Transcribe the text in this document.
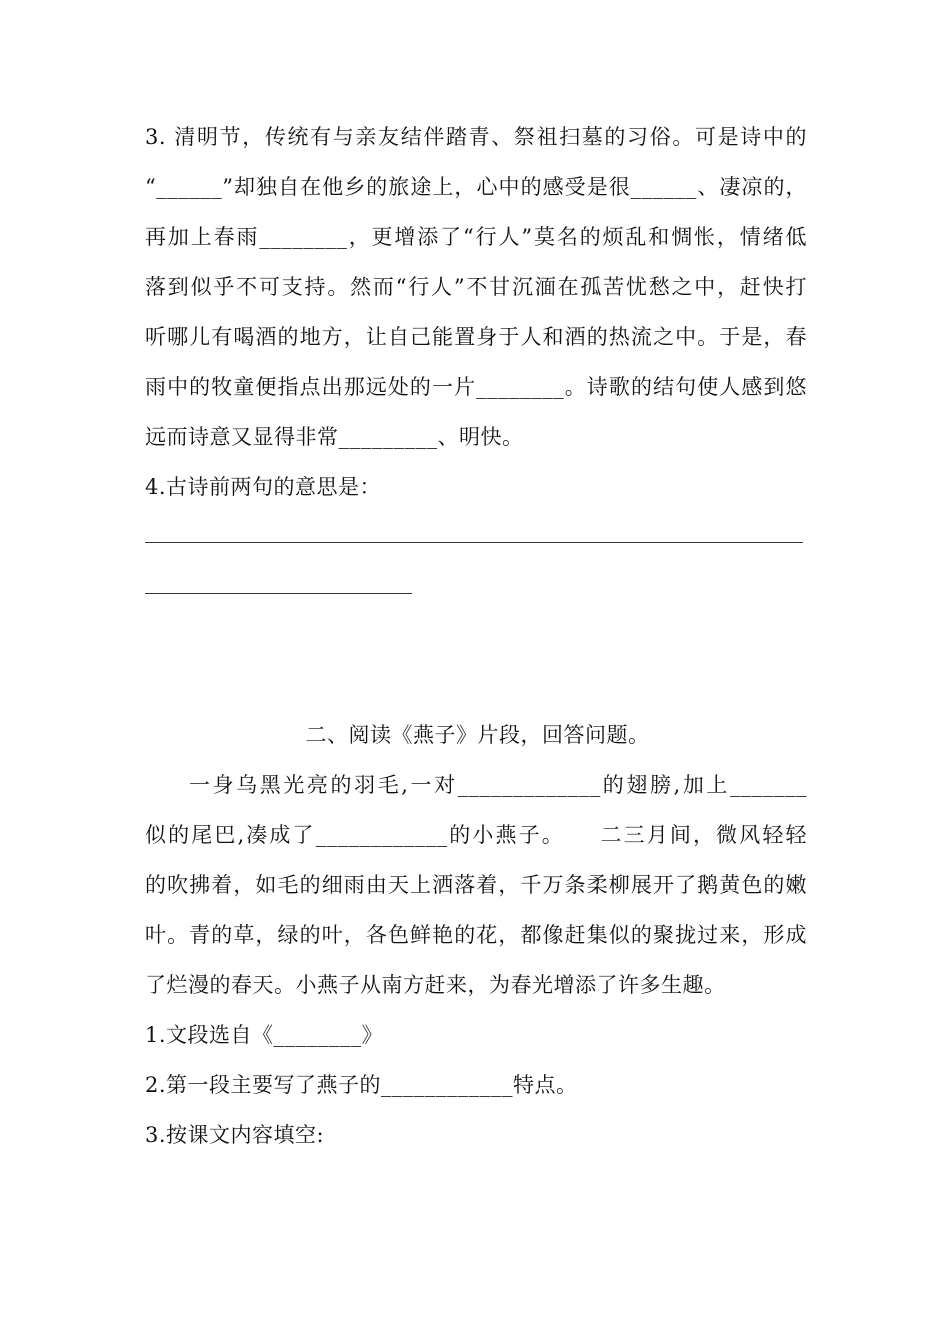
3. 清明节，传统有与亲友结伴踏青、祭祖扫墓的习俗。可是诗中的
“______”却独自在他乡的旅途上，心中的感受是很______、凄凉的，
再加上春雨________，更增添了“行人”莫名的烦乱和惆怅，情绪低
落到似乎不可支持。然而“行人”不甘沉湎在孤苦忧愁之中，赶快打
听哪儿有喝酒的地方，让自己能置身于人和酒的热流之中。于是，春
雨中的牧童便指点出那远处的一片________。诗歌的结句使人感到悠
远而诗意又显得非常_________、明快。
4.古诗前两句的意思是：
二、阅读《燕子》片段，回答问题。
一身乌黑光亮的羽毛,一对_____________的翅膀,加上_______
似的尾巴,凑成了____________的小燕子。　　二三月间，微风轻轻
的吹拂着，如毛的细雨由天上洒落着，千万条柔柳展开了鹅黄色的嫩
叶。青的草，绿的叶，各色鲜艳的花，都像赶集似的聚拢过来，形成
了烂漫的春天。小燕子从南方赶来，为春光增添了许多生趣。
1.文段选自《________》
2.第一段主要写了燕子的____________特点。
3.按课文内容填空:
